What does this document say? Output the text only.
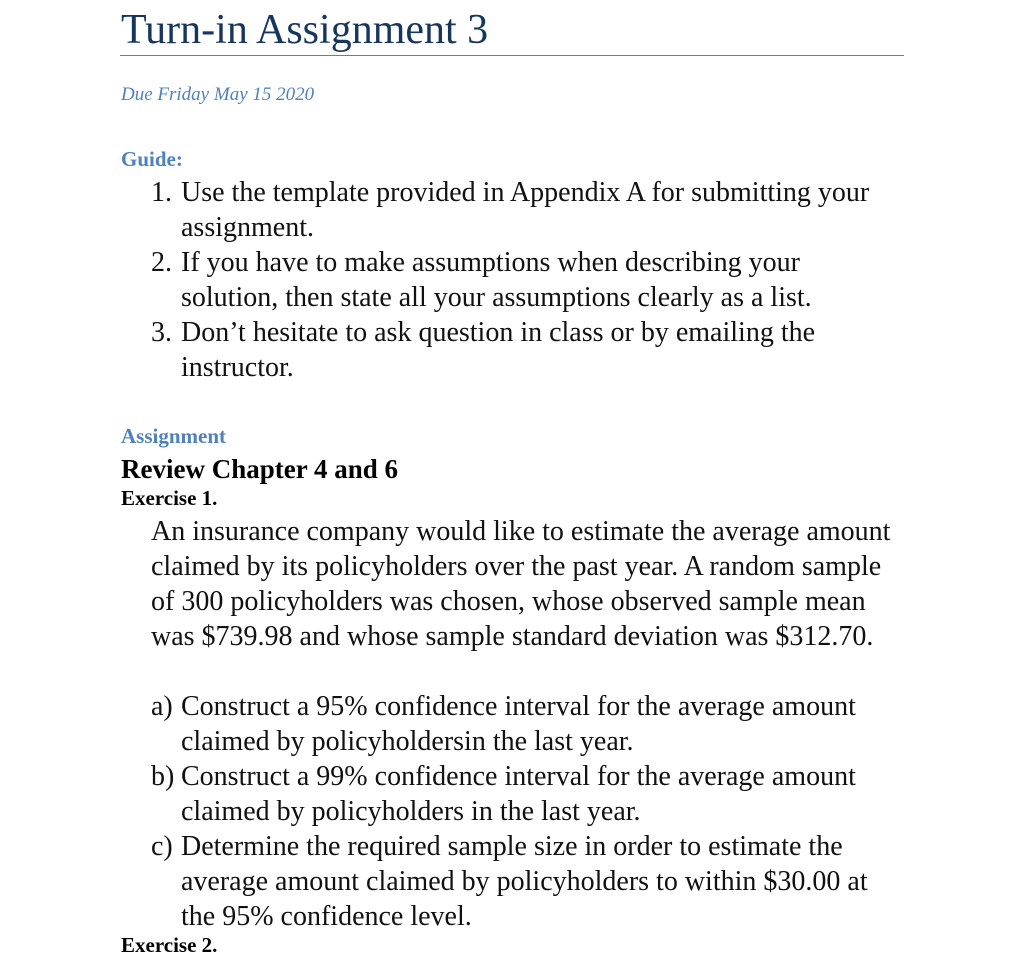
Turn-in Assignment 3
Due Friday May 15 2020
Guide:
1. Use the template provided in Appendix A for submitting your assignment.
2. If you have to make assumptions when describing your solution, then state all your assumptions clearly as a list.
3. Don’t hesitate to ask question in class or by emailing the instructor.
Assignment
Review Chapter 4 and 6
Exercise 1.

An insurance company would like to estimate the average amount claimed by its policyholders over the past year. A random sample of 300 policyholders was chosen, whose observed sample mean was $739.98 and whose sample standard deviation was $312.70.

a) Construct a 95% confidence interval for the average amount claimed by policyholdersin the last year.
b) Construct a 99% confidence interval for the average amount claimed by policyholders in the last year.
c) Determine the required sample size in order to estimate the average amount claimed by policyholders to within $30.00 at the 95% confidence level.
Exercise 2.
